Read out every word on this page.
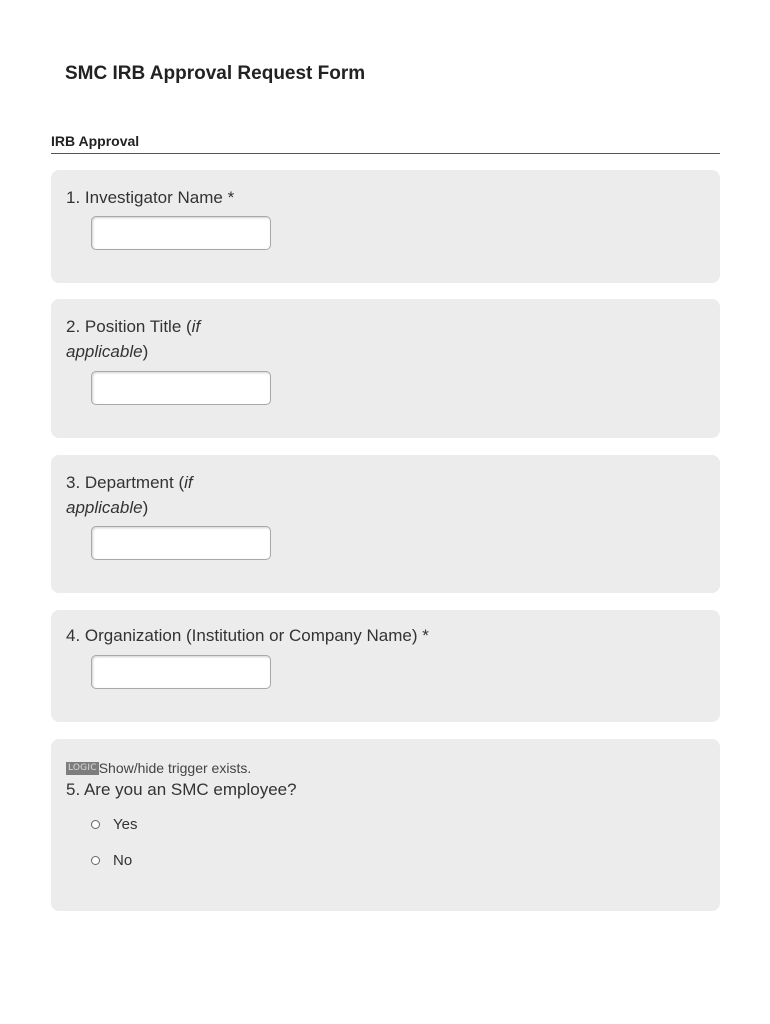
SMC IRB Approval Request Form
IRB Approval
1. Investigator Name *
2. Position Title (if
applicable)
3. Department (if
applicable)
4. Organization (Institution or Company Name) *
LOGIC Show/hide trigger exists.
5. Are you an SMC employee?
Yes
No
